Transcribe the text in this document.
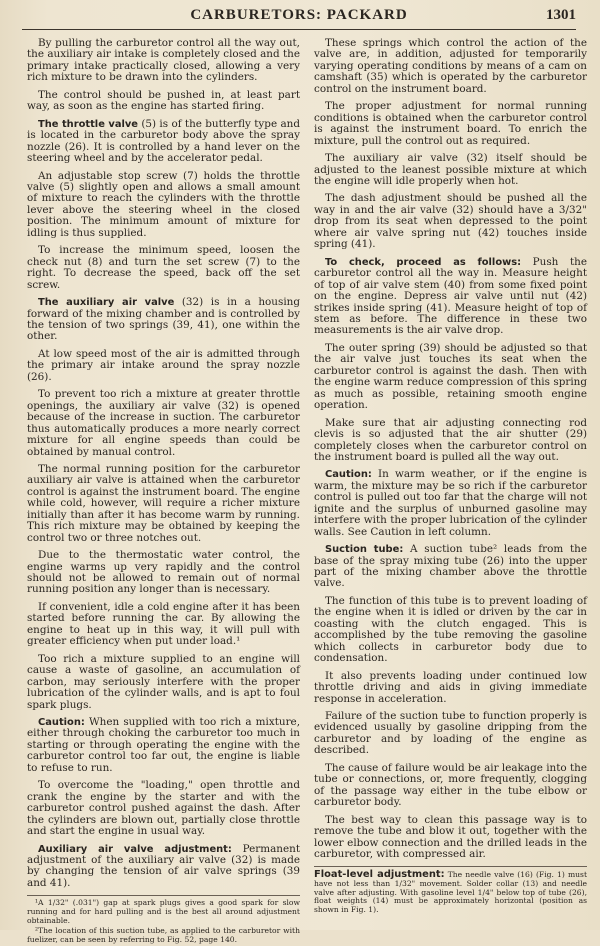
CARBURETORS: PACKARD	1301

By pulling the carburetor control all the way out, the auxiliary air intake is completely closed and the primary intake practically closed, allowing a very rich mixture to be drawn into the cylinders.

The control should be pushed in, at least part way, as soon as the engine has started firing.

The throttle valve (5) is of the butterfly type and is located in the carburetor body above the spray nozzle (26). It is controlled by a hand lever on the steering wheel and by the accelerator pedal.

An adjustable stop screw (7) holds the throttle valve (5) slightly open and allows a small amount of mixture to reach the cylinders with the throttle lever above the steering wheel in the closed position. The minimum amount of mixture for idling is thus supplied.

To increase the minimum speed, loosen the check nut (8) and turn the set screw (7) to the right. To decrease the speed, back off the set screw.

The auxiliary air valve (32) is in a housing forward of the mixing chamber and is controlled by the tension of two springs (39, 41), one within the other.

At low speed most of the air is admitted through the primary air intake around the spray nozzle (26).

To prevent too rich a mixture at greater throttle openings, the auxiliary air valve (32) is opened because of the increase in suction. The carburetor thus automatically produces a more nearly correct mixture for all engine speeds than could be obtained by manual control.

The normal running position for the carburetor auxiliary air valve is attained when the carburetor control is against the instrument board. The engine while cold, however, will require a richer mixture initially than after it has become warm by running. This rich mixture may be obtained by keeping the control two or three notches out.

Due to the thermostatic water control, the engine warms up very rapidly and the control should not be allowed to remain out of normal running position any longer than is necessary.

If convenient, idle a cold engine after it has been started before running the car. By allowing the engine to heat up in this way, it will pull with greater efficiency when put under load.¹

Too rich a mixture supplied to an engine will cause a waste of gasoline, an accumulation of carbon, may seriously interfere with the proper lubrication of the cylinder walls, and is apt to foul spark plugs.

Caution: When supplied with too rich a mixture, either through choking the carburetor too much in starting or through operating the engine with the carburetor control too far out, the engine is liable to refuse to run.

To overcome the "loading," open throttle and crank the engine by the starter and with the carburetor control pushed against the dash. After the cylinders are blown out, partially close throttle and start the engine in usual way.

Auxiliary air valve adjustment: Permanent adjustment of the auxiliary air valve (32) is made by changing the tension of air valve springs (39 and 41).

¹A 1/32" (.031") gap at spark plugs gives a good spark for slow running and for hard pulling and is the best all around adjustment obtainable.

²The location of this suction tube, as applied to the carburetor with fuelizer, can be seen by referring to Fig. 52, page 140.

These springs which control the action of the valve are, in addition, adjusted for temporarily varying operating conditions by means of a cam on camshaft (35) which is operated by the carburetor control on the instrument board.

The proper adjustment for normal running conditions is obtained when the carburetor control is against the instrument board. To enrich the mixture, pull the control out as required.

The auxiliary air valve (32) itself should be adjusted to the leanest possible mixture at which the engine will idle properly when hot.

The dash adjustment should be pushed all the way in and the air valve (32) should have a 3/32" drop from its seat when depressed to the point where air valve spring nut (42) touches inside spring (41).

To check, proceed as follows: Push the carburetor control all the way in. Measure height of top of air valve stem (40) from some fixed point on the engine. Depress air valve until nut (42) strikes inside spring (41). Measure height of top of stem as before. The difference in these two measurements is the air valve drop.

The outer spring (39) should be adjusted so that the air valve just touches its seat when the carburetor control is against the dash. Then with the engine warm reduce compression of this spring as much as possible, retaining smooth engine operation.

Make sure that air adjusting connecting rod clevis is so adjusted that the air shutter (29) completely closes when the carburetor control on the instrument board is pulled all the way out.

Caution: In warm weather, or if the engine is warm, the mixture may be so rich if the carburetor control is pulled out too far that the charge will not ignite and the surplus of unburned gasoline may interfere with the proper lubrication of the cylinder walls. See Caution in left column.

Suction tube: A suction tube² leads from the base of the spray mixing tube (26) into the upper part of the mixing chamber above the throttle valve.

The function of this tube is to prevent loading of the engine when it is idled or driven by the car in coasting with the clutch engaged. This is accomplished by the tube removing the gasoline which collects in carburetor body due to condensation.

It also prevents loading under continued low throttle driving and aids in giving immediate response in acceleration.

Failure of the suction tube to function properly is evidenced usually by gasoline dripping from the carburetor and by loading of the engine as described.

The cause of failure would be air leakage into the tube or connections, or, more frequently, clogging of the passage way either in the tube elbow or carburetor body.

The best way to clean this passage way is to remove the tube and blow it out, together with the lower elbow connection and the drilled leads in the carburetor, with compressed air.

Float-level adjustment: The needle valve (16) (Fig. 1) must have not less than 1/32" movement. Solder collar (13) and needle valve after adjusting. With gasoline level 1/4" below top of tube (26), float weights (14) must be approximately horizontal (position as shown in Fig. 1).
